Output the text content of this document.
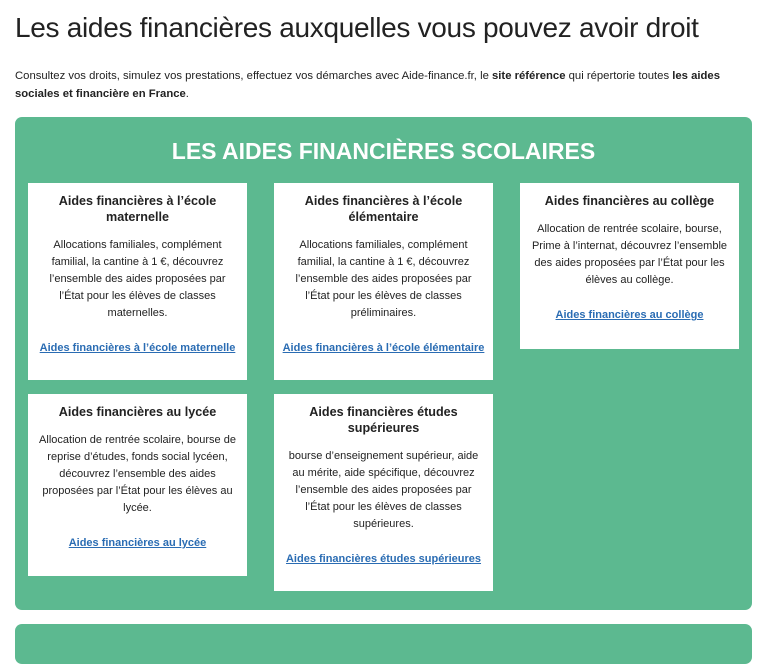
Les aides financières auxquelles vous pouvez avoir droit
Consultez vos droits, simulez vos prestations, effectuez vos démarches avec Aide-finance.fr, le site référence qui répertorie toutes les aides sociales et financière en France.
LES AIDES FINANCIÈRES SCOLAIRES
Aides financières à l’école maternelle

Allocations familiales, complément familial, la cantine à 1 €, découvrez l’ensemble des aides proposées par l’État pour les élèves de classes maternelles.

Aides financières à l’école maternelle
Aides financières à l’école élémentaire

Allocations familiales, complément familial, la cantine à 1 €, découvrez l’ensemble des aides proposées par l’État pour les élèves de classes préliminaires.

Aides financières à l’école élémentaire
Aides financières au collège

Allocation de rentrée scolaire, bourse, Prime à l’internat, découvrez l’ensemble des aides proposées par l’État pour les élèves au collège.

Aides financières au collège
Aides financières au lycée

Allocation de rentrée scolaire, bourse de reprise d’études, fonds social lycéen, découvrez l’ensemble des aides proposées par l’État pour les élèves au lycée.

Aides financières au lycée
Aides financières études supérieures

bourse d’enseignement supérieur, aide au mérite, aide spécifique, découvrez l’ensemble des aides proposées par l’État pour les élèves de classes supérieures.

Aides financières études supérieures
